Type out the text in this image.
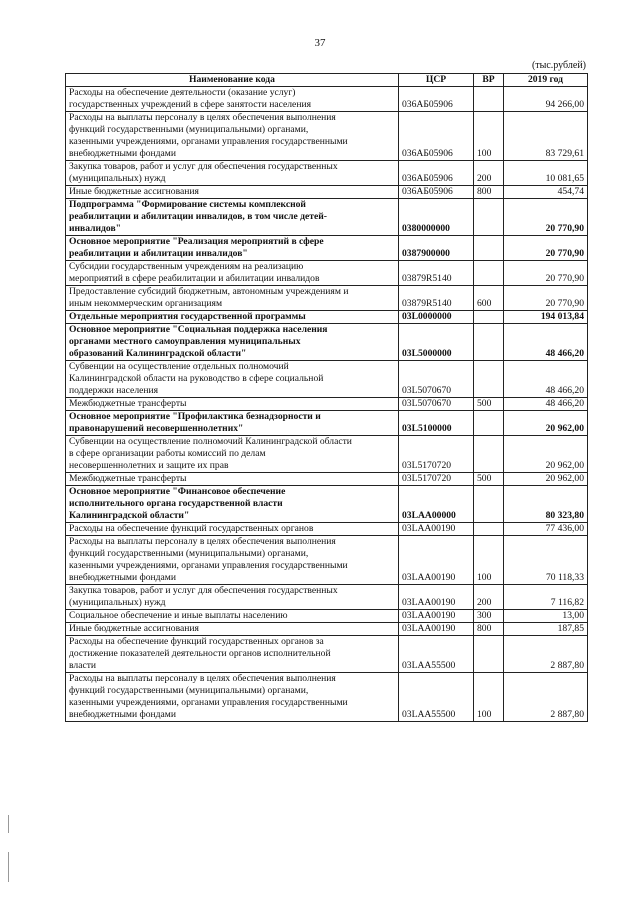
37
(тыс.рублей)
Наименование кода	ЦСР	ВР	2019 год

Расходы на обеспечение деятельности (оказание услуг)
государственных учреждений в сфере занятости населения	036АБ05906		94 266,00

Расходы на выплаты персоналу в целях обеспечения выполнения
функций государственными (муниципальными) органами,
казенными учреждениями, органами управления государственными
внебюджетными фондами	036АБ05906	100	83 729,61

Закупка товаров, работ и услуг для обеспечения государственных
(муниципальных) нужд	036АБ05906	200	10 081,65

Иные бюджетные ассигнования	036АБ05906	800	454,74

Подпрограмма "Формирование системы комплексной
реабилитации и абилитации инвалидов, в том числе детей-
инвалидов"	0380000000		20 770,90

Основное мероприятие "Реализация мероприятий в сфере
реабилитации и абилитации инвалидов"	0387900000		20 770,90

Субсидии государственным учреждениям на реализацию
мероприятий в сфере реабилитации и абилитации инвалидов	03879R5140		20 770,90

Предоставление субсидий бюджетным, автономным учреждениям и
иным некоммерческим организациям	03879R5140	600	20 770,90

Отдельные мероприятия государственной программы	03L0000000		194 013,84

Основное мероприятие "Социальная поддержка населения
органами местного самоуправления муниципальных
образований Калининградской области"	03L5000000		48 466,20

Субвенции на осуществление отдельных полномочий
Калининградской области на руководство в сфере социальной
поддержки населения	03L5070670		48 466,20

Межбюджетные трансферты	03L5070670	500	48 466,20

Основное мероприятие "Профилактика безнадзорности и
правонарушений несовершеннолетних"	03L5100000		20 962,00

Субвенции на осуществление полномочий Калининградской области
в сфере организации работы комиссий по делам
несовершеннолетних и защите их прав	03L5170720		20 962,00

Межбюджетные трансферты	03L5170720	500	20 962,00

Основное мероприятие "Финансовое обеспечение
исполнительного органа государственной власти
Калининградской области"	03LАА00000		80 323,80

Расходы на обеспечение функций государственных органов	03LАА00190		77 436,00

Расходы на выплаты персоналу в целях обеспечения выполнения
функций государственными (муниципальными) органами,
казенными учреждениями, органами управления государственными
внебюджетными фондами	03LАА00190	100	70 118,33

Закупка товаров, работ и услуг для обеспечения государственных
(муниципальных) нужд	03LАА00190	200	7 116,82

Социальное обеспечение и иные выплаты населению	03LАА00190	300	13,00

Иные бюджетные ассигнования	03LАА00190	800	187,85

Расходы на обеспечение функций государственных органов за
достижение показателей деятельности органов исполнительной
власти	03LАА55500		2 887,80

Расходы на выплаты персоналу в целях обеспечения выполнения
функций государственными (муниципальными) органами,
казенными учреждениями, органами управления государственными
внебюджетными фондами	03LАА55500	100	2 887,80
